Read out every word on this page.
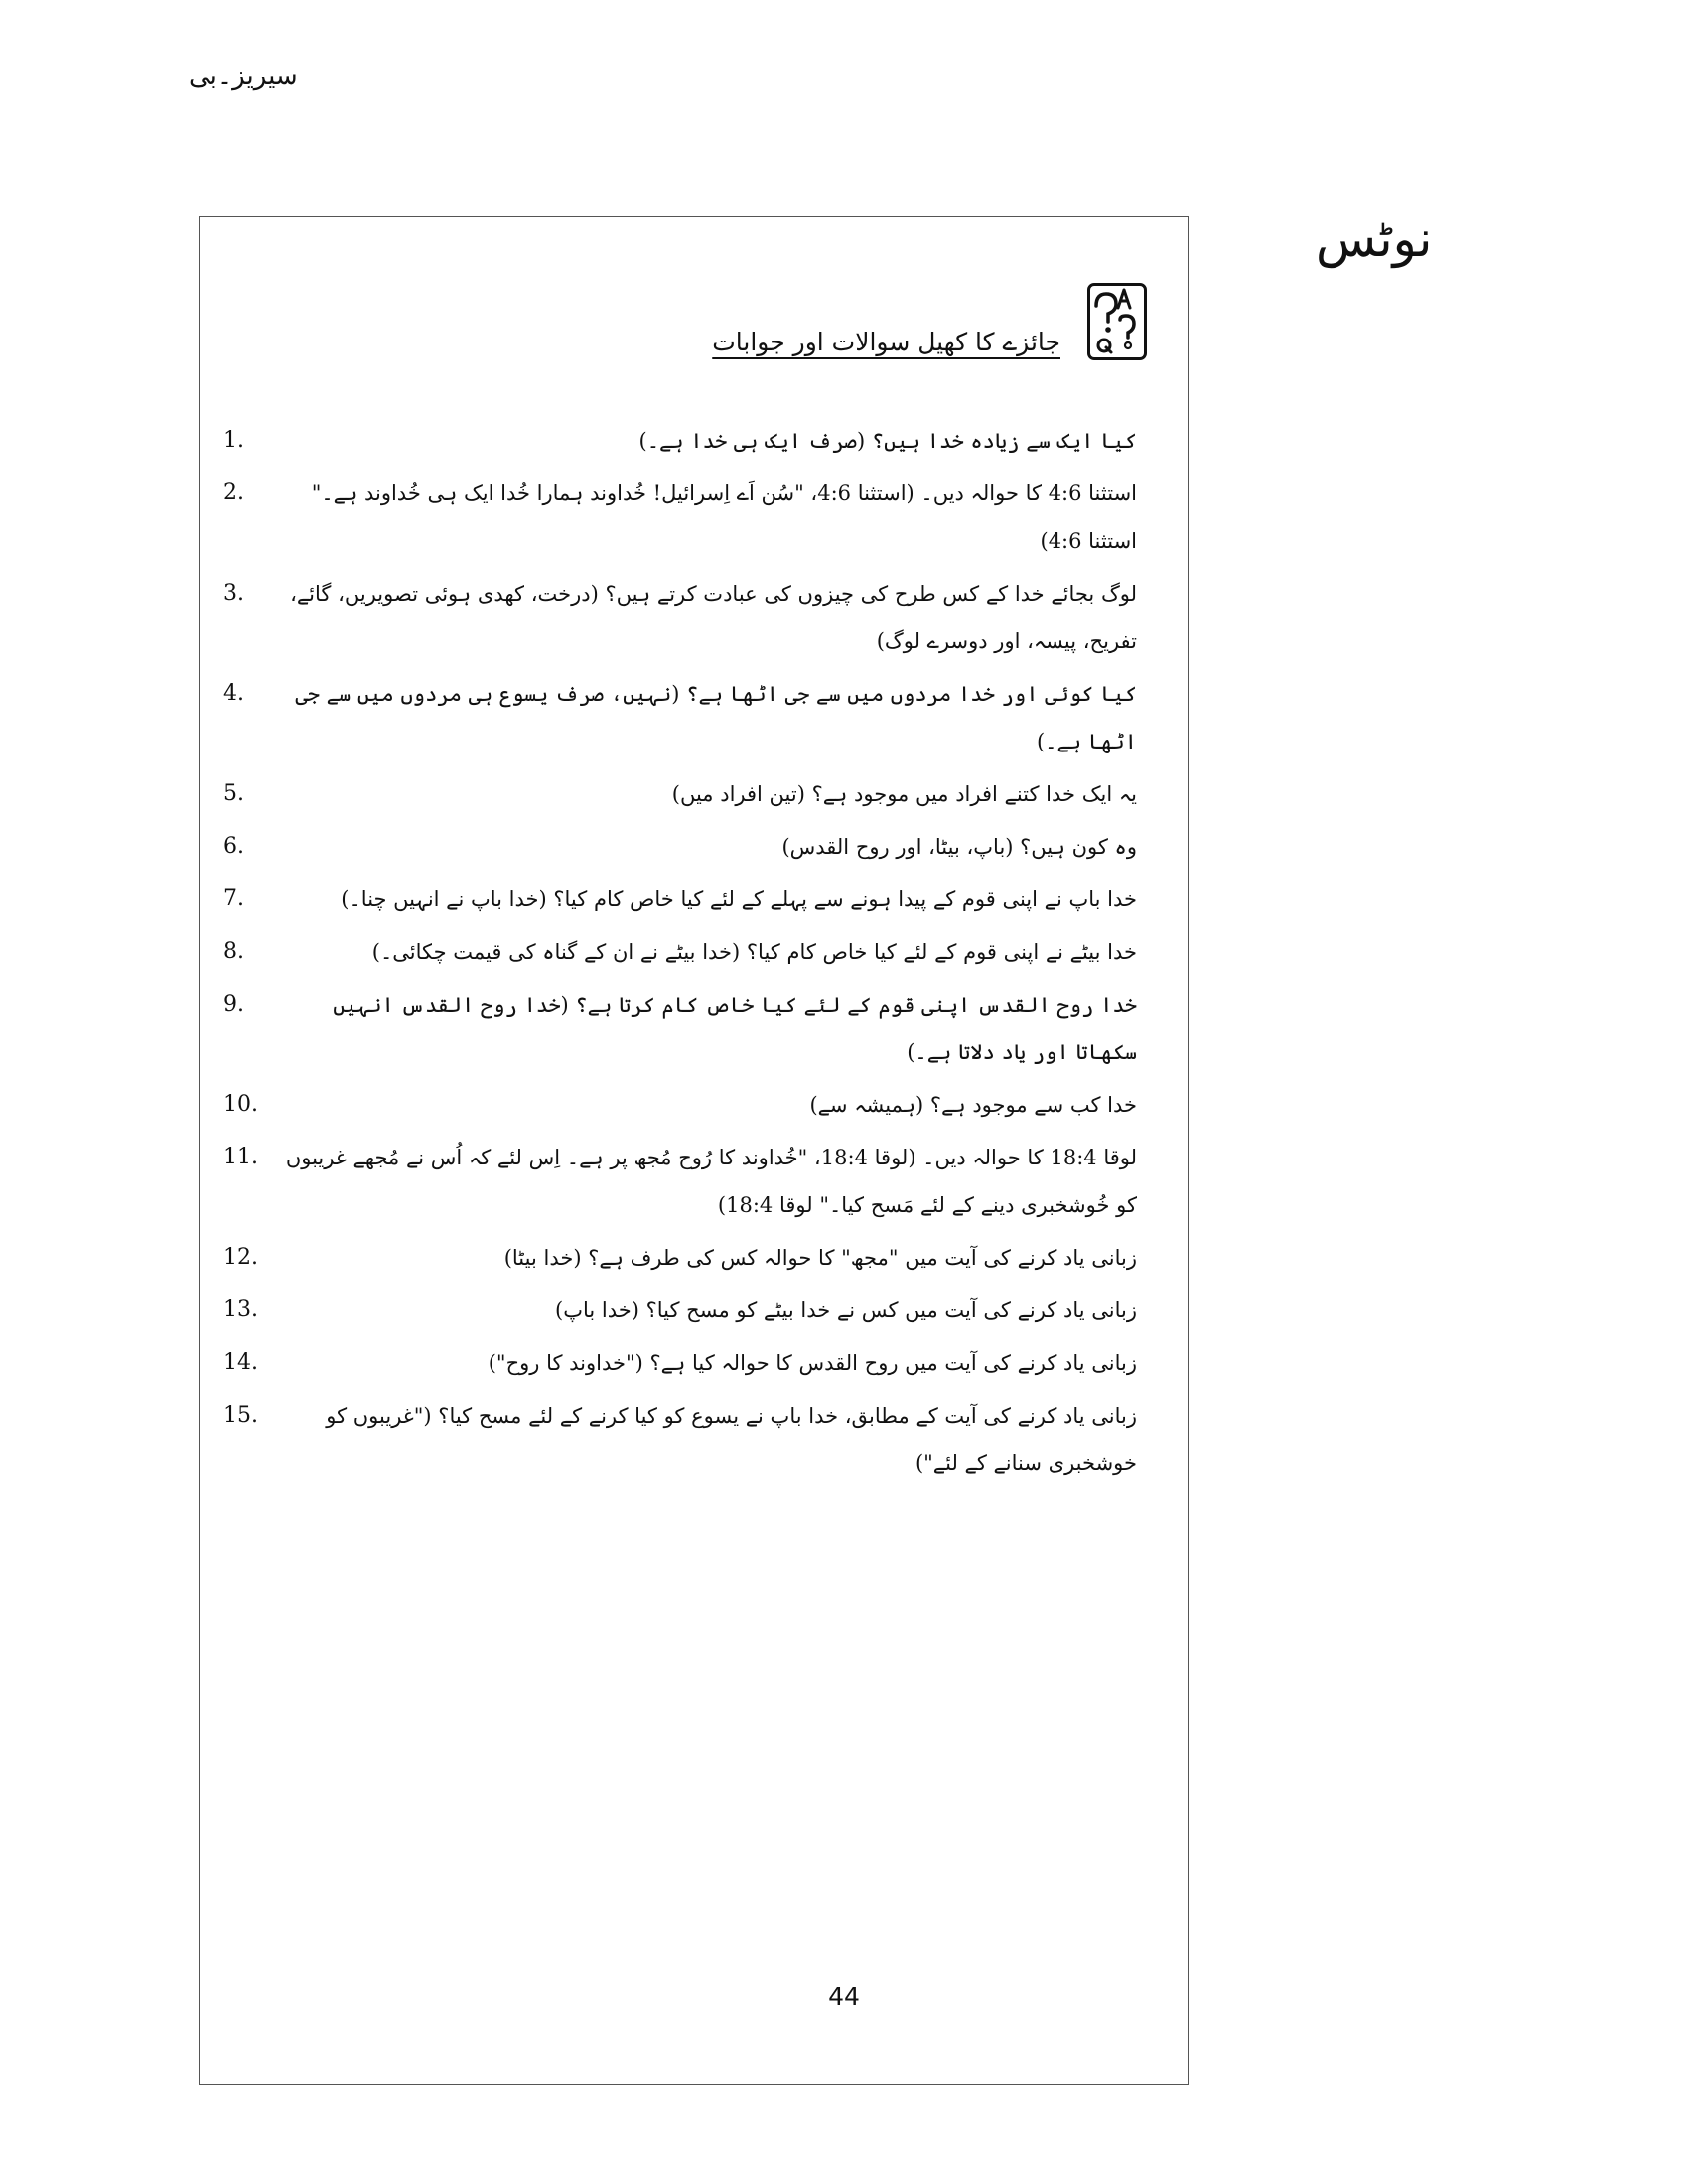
سیریز۔بی
نوٹس
جائزے کا کھیل سوالات اور جوابات
کیا ایک سے زیادہ خدا ہیں؟ (صرف ایک ہی خدا ہے۔)
1.
استثنا 4:6 کا حوالہ دیں۔ (استثنا 4:6، "سُن اَے اِسرائیل! خُداوند ہمارا خُدا ایک ہی خُداوند ہے۔" استثنا 4:6)
2.
لوگ بجائے خدا کے کس طرح کی چیزوں کی عبادت کرتے ہیں؟ (درخت، کھدی ہوئی تصویریں، گائے، تفریح، پیسہ، اور دوسرے لوگ)
3.
کیا کوئی اور خدا مردوں میں سے جی اٹھا ہے؟ (نہیں، صرف یسوع ہی مردوں میں سے جی اٹھا ہے۔)
4.
یہ ایک خدا کتنے افراد میں موجود ہے؟ (تین افراد میں)
5.
وہ کون ہیں؟ (باپ، بیٹا، اور روح القدس)
6.
خدا باپ نے اپنی قوم کے پیدا ہونے سے پہلے کے لئے کیا خاص کام کیا؟ (خدا باپ نے انہیں چنا۔)
7.
خدا بیٹے نے اپنی قوم کے لئے کیا خاص کام کیا؟ (خدا بیٹے نے ان کے گناہ کی قیمت چکائی۔)
8.
خدا روح القدس اپنی قوم کے لئے کیا خاص کام کرتا ہے؟ (خدا روح القدس انہیں سکھاتا اور یاد دلاتا ہے۔)
9.
خدا کب سے موجود ہے؟ (ہمیشہ سے)
10.
لوقا 18:4 کا حوالہ دیں۔ (لوقا 18:4، "خُداوند کا رُوح مُجھ پر ہے۔ اِس لئے کہ اُس نے مُجھے غریبوں کو خُوشخبری دینے کے لئے مَسح کیا۔" لوقا 18:4)
11.
زبانی یاد کرنے کی آیت میں "مجھ" کا حوالہ کس کی طرف ہے؟ (خدا بیٹا)
12.
زبانی یاد کرنے کی آیت میں کس نے خدا بیٹے کو مسح کیا؟ (خدا باپ)
13.
زبانی یاد کرنے کی آیت میں روح القدس کا حوالہ کیا ہے؟ ("خداوند کا روح")
14.
زبانی یاد کرنے کی آیت کے مطابق، خدا باپ نے یسوع کو کیا کرنے کے لئے مسح کیا؟ ("غریبوں کو خوشخبری سنانے کے لئے")
15.
44
